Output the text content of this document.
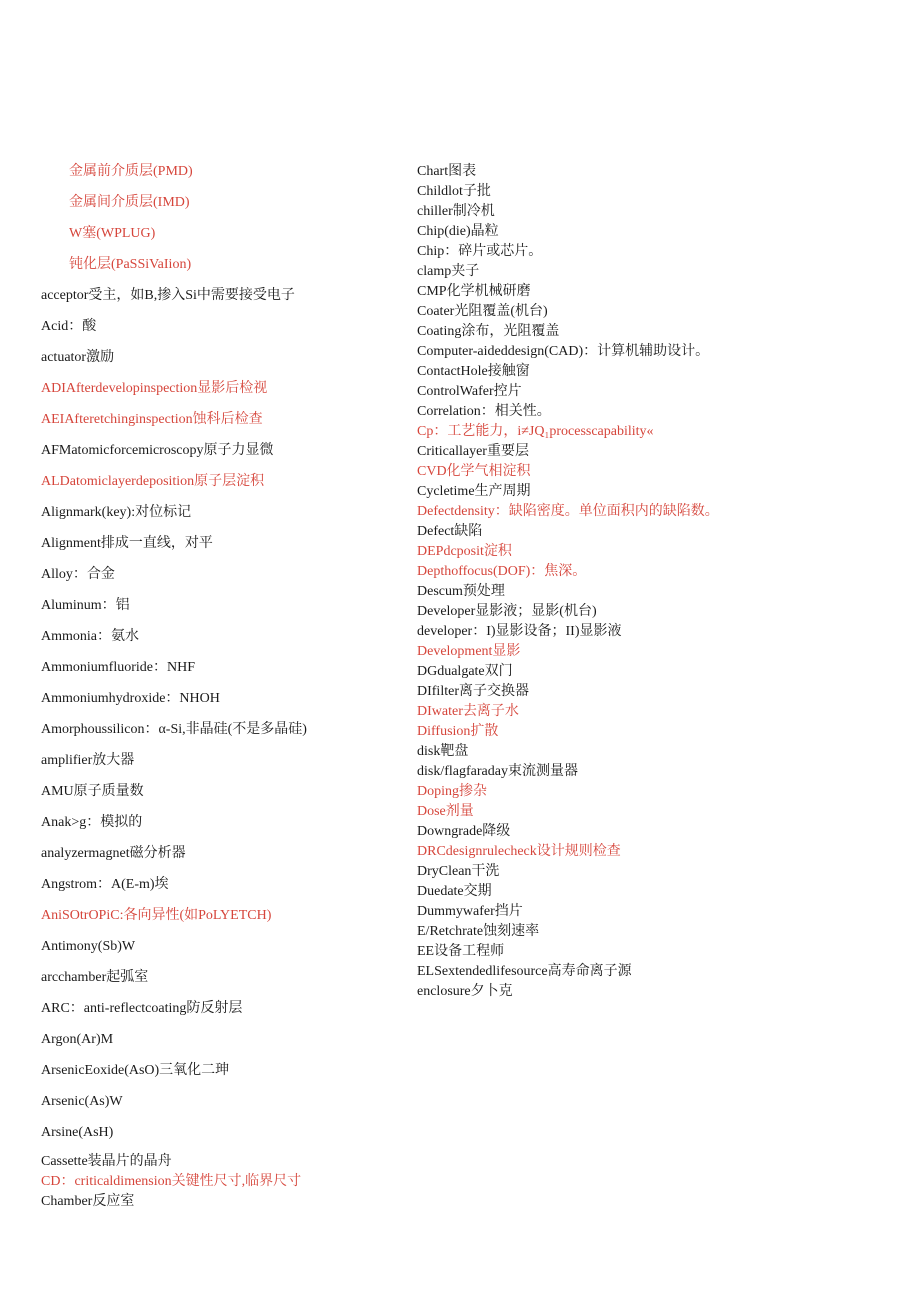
金属前介质层(PMD)
金属间介质层(IMD)
W塞(WPLUG)
钝化层(PaSSiVaIion)
acceptor受主，如B,掺入Si中需要接受电子
Acid：酸
actuator激励
ADIAfterdevelopinspection显影后检视
AEIAfteretchinginspection蚀科后检查
AFMatomicforcemicroscopy原子力显微
ALDatomiclayerdeposition原子层淀积
Alignmark(key):对位标记
Alignment排成一直线，对平
Alloy：合金
Aluminum：铝
Ammonia：氨水
Ammoniumfluoride：NHF
Ammoniumhydroxide：NHOH
Amorphoussilicon：α-Si,非晶硅(不是多晶硅)
amplifier放大器
AMU原子质量数
Anak>g：模拟的
analyzermagnet磁分析器
Angstrom：A(E-m)埃
AniSOtrOPiC:各向异性(如PoLYETCH)
Antimony(Sb)W
arcchamber起弧室
ARC：anti-reflectcoating防反射层
Argon(Ar)M
ArsenicEoxide(AsO)三氧化二珅
Arsenic(As)W
Arsine(AsH)
Cassette装晶片的晶舟
CD：criticaldimension关键性尺寸,临界尺寸
Chamber反应室
Chart图表
Childlot子批
chiller制冷机
Chip(die)晶粒
Chip：碎片或芯片。
clamp夹子
CMP化学机械研磨
Coater光阻覆盖(机台)
Coating涂布，光阻覆盖
Computer-aideddesign(CAD)：计算机辅助设计。
ContactHole接触窗
ControlWafer控片
Correlation：相关性。
Cp：工艺能力，i≠JQ₁processcapability«
Criticallayer重要层
CVD化学气相淀积
Cycletime生产周期
Defectdensity：缺陷密度。单位面积内的缺陷数。
Defect缺陷
DEPdcposit淀积
Depthoffocus(DOF)：焦深。
Descum预处理
Developer显影液；显影(机台)
developer：I)显影设备；II)显影液
Development显影
DGdualgate双门
DIfilter离子交换器
DIwater去离子水
Diffusion扩散
disk靶盘
disk/flagfaraday束流测量器
Doping掺杂
Dose剂量
Downgrade降级
DRCdesignrulecheck设计规则检查
DryClean干洗
Duedate交期
Dummywafer挡片
E/Retchrate蚀刻速率
EE设备工程师
ELSextendedlifesource高寿命离子源
enclosure夕卜克
